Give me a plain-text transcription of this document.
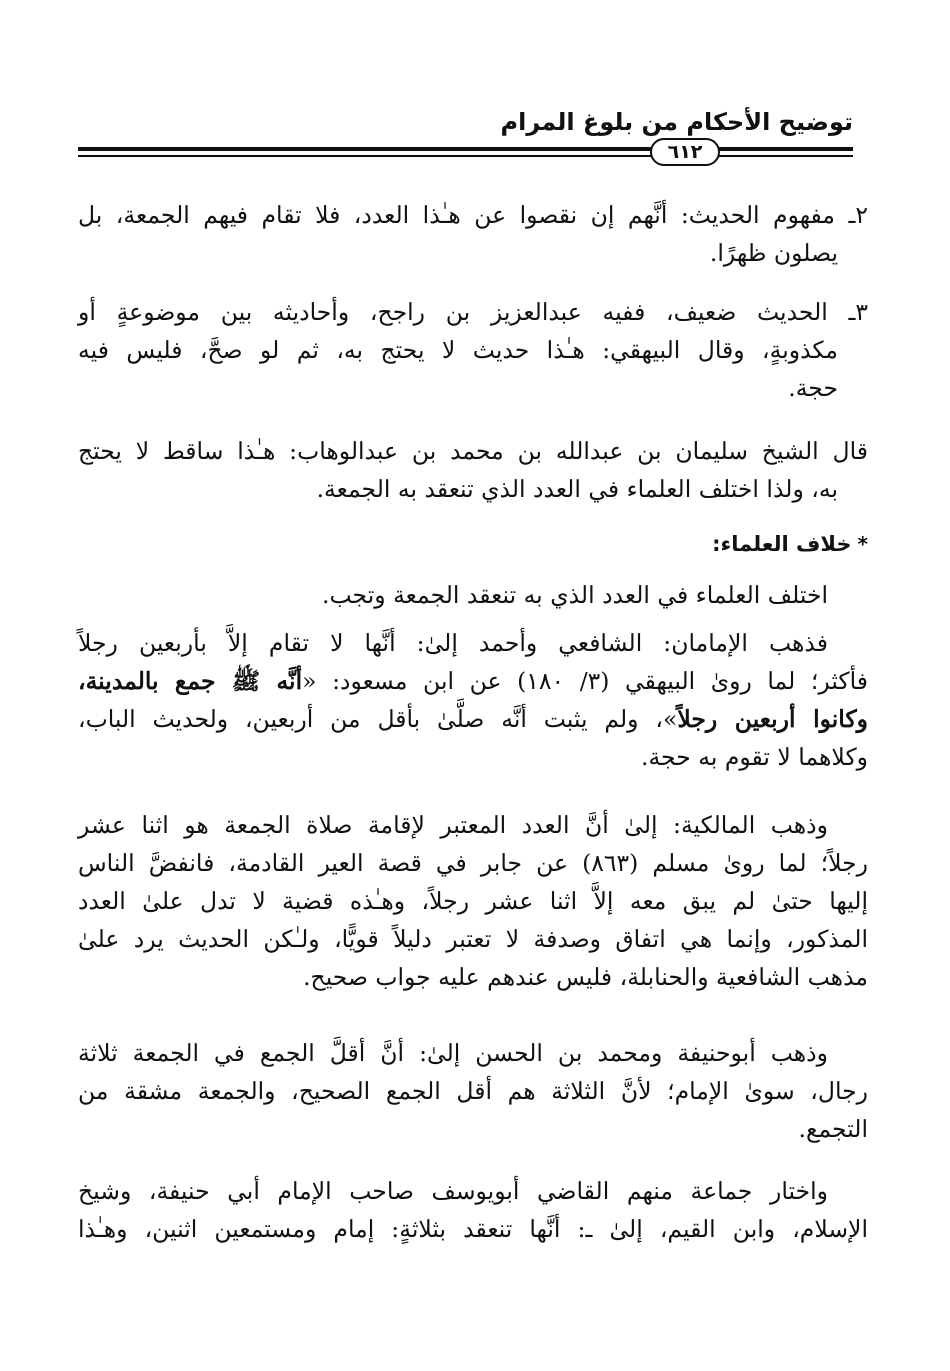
توضيح الأحكام من بلوغ المرام
٦١٢
٢ـ مفهوم الحديث: أنَّهم إن نقصوا عن هـٰذا العدد، فلا تقام فيهم الجمعة، بل
يصلون ظهرًا.
٣ـ الحديث ضعيف، ففيه عبدالعزيز بن راجح، وأحاديثه بين موضوعةٍ أو
مكذوبةٍ، وقال البيهقي: هـٰذا حديث لا يحتج به، ثم لو صحَّ، فليس فيه
حجة.
قال الشيخ سليمان بن عبدالله بن محمد بن عبدالوهاب: هـٰذا ساقط لا يحتج
به، ولذا اختلف العلماء في العدد الذي تنعقد به الجمعة.
*خلاف العلماء:
اختلف العلماء في العدد الذي به تنعقد الجمعة وتجب.
فذهب الإمامان: الشافعي وأحمد إلىٰ: أنَّها لا تقام إلاَّ بأربعين رجلاً
فأكثر؛ لما روىٰ البيهقي (٣/ ١٨٠) عن ابن مسعود: «أنَّه ﷺ جمع بالمدينة،
وكانوا أربعين رجلاً»، ولم يثبت أنَّه صلَّىٰ بأقل من أربعين، ولحديث الباب،
وكلاهما لا تقوم به حجة.
وذهب المالكية: إلىٰ أنَّ العدد المعتبر لإقامة صلاة الجمعة هو اثنا عشر
رجلاً؛ لما روىٰ مسلم (٨٦٣) عن جابر في قصة العير القادمة، فانفضَّ الناس
إليها حتىٰ لم يبق معه إلاَّ اثنا عشر رجلاً، وهـٰذه قضية لا تدل علىٰ العدد
المذكور، وإنما هي اتفاق وصدفة لا تعتبر دليلاً قويًّا، ولـٰكن الحديث يرد علىٰ
مذهب الشافعية والحنابلة، فليس عندهم عليه جواب صحيح.
وذهب أبوحنيفة ومحمد بن الحسن إلىٰ: أنَّ أقلَّ الجمع في الجمعة ثلاثة
رجال، سوىٰ الإمام؛ لأنَّ الثلاثة هم أقل الجمع الصحيح، والجمعة مشقة من
التجمع.
واختار جماعة منهم القاضي أبويوسف صاحب الإمام أبي حنيفة، وشيخ
الإسلام، وابن القيم، إلىٰ ـ: أنَّها تنعقد بثلاثةٍ: إمام ومستمعين اثنين، وهـٰذا
